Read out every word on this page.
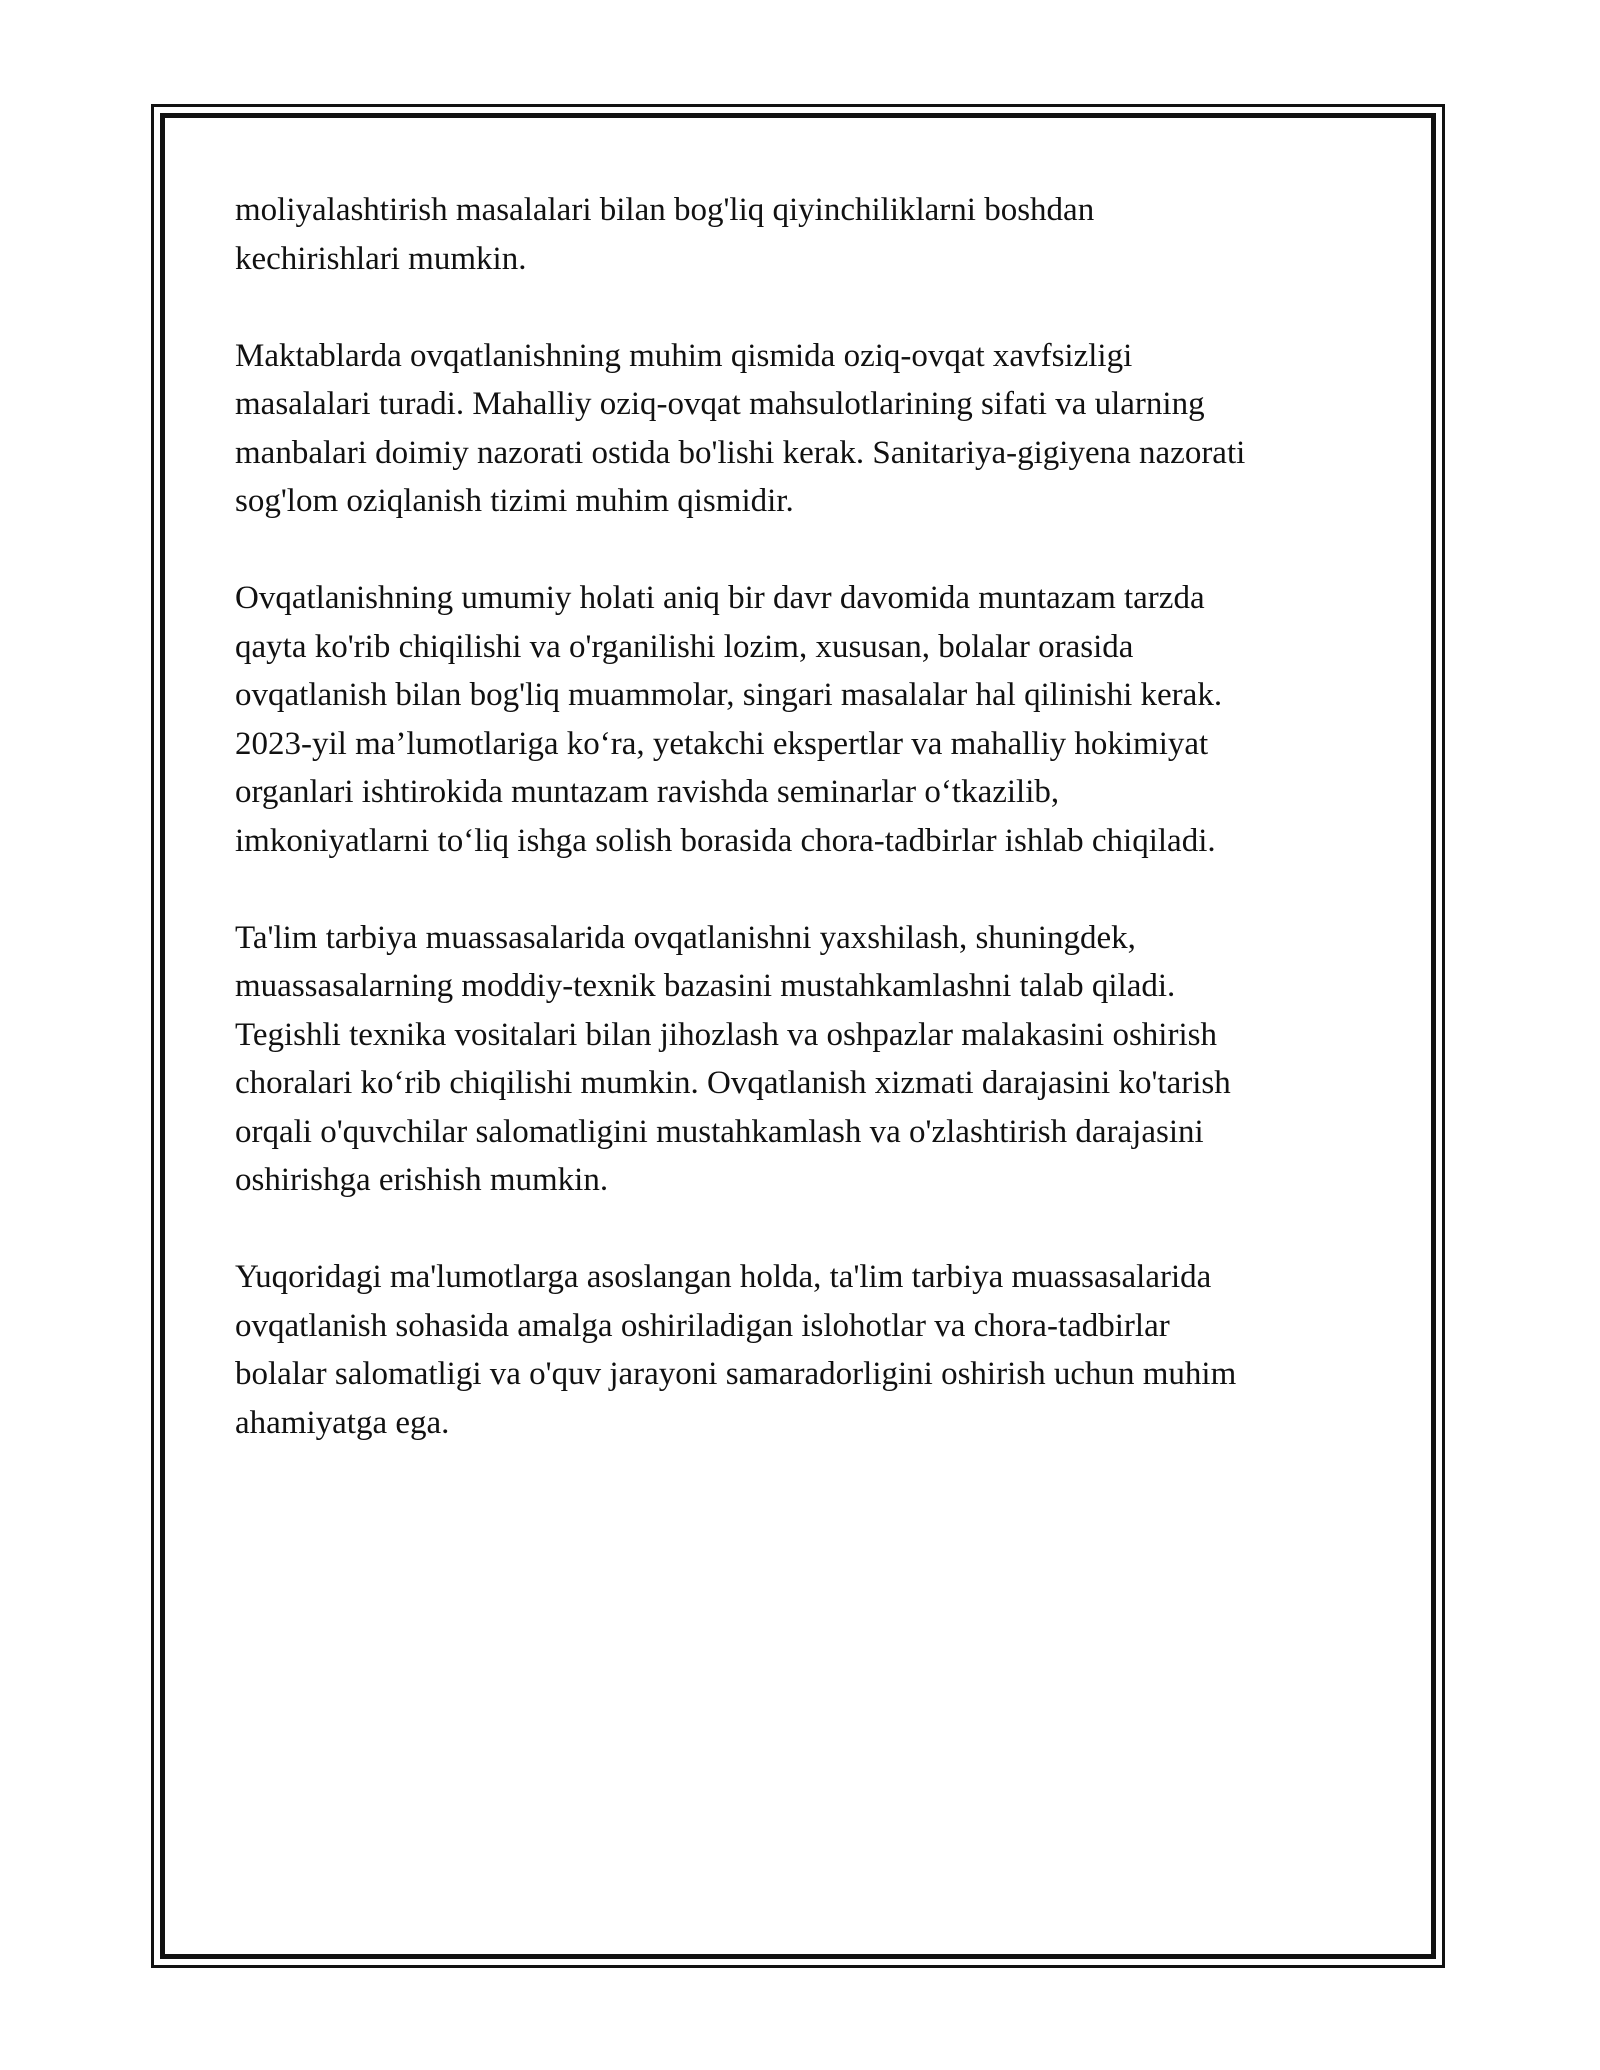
moliyalashtirish masalalari bilan bog'liq qiyinchiliklarni boshdan
kechirishlari mumkin.

Maktablarda ovqatlanishning muhim qismida oziq-ovqat xavfsizligi
masalalari turadi. Mahalliy oziq-ovqat mahsulotlarining sifati va ularning
manbalari doimiy nazorati ostida bo'lishi kerak. Sanitariya-gigiyena nazorati
sog'lom oziqlanish tizimi muhim qismidir.

Ovqatlanishning umumiy holati aniq bir davr davomida muntazam tarzda
qayta ko'rib chiqilishi va o'rganilishi lozim, xususan, bolalar orasida
ovqatlanish bilan bog'liq muammolar, singari masalalar hal qilinishi kerak.
2023-yil ma’lumotlariga ko‘ra, yetakchi ekspertlar va mahalliy hokimiyat
organlari ishtirokida muntazam ravishda seminarlar o‘tkazilib,
imkoniyatlarni to‘liq ishga solish borasida chora-tadbirlar ishlab chiqiladi.

Ta'lim tarbiya muassasalarida ovqatlanishni yaxshilash, shuningdek,
muassasalarning moddiy-texnik bazasini mustahkamlashni talab qiladi.
Tegishli texnika vositalari bilan jihozlash va oshpazlar malakasini oshirish
choralari ko‘rib chiqilishi mumkin. Ovqatlanish xizmati darajasini ko'tarish
orqali o'quvchilar salomatligini mustahkamlash va o'zlashtirish darajasini
oshirishga erishish mumkin.

Yuqoridagi ma'lumotlarga asoslangan holda, ta'lim tarbiya muassasalarida
ovqatlanish sohasida amalga oshiriladigan islohotlar va chora-tadbirlar
bolalar salomatligi va o'quv jarayoni samaradorligini oshirish uchun muhim
ahamiyatga ega.
